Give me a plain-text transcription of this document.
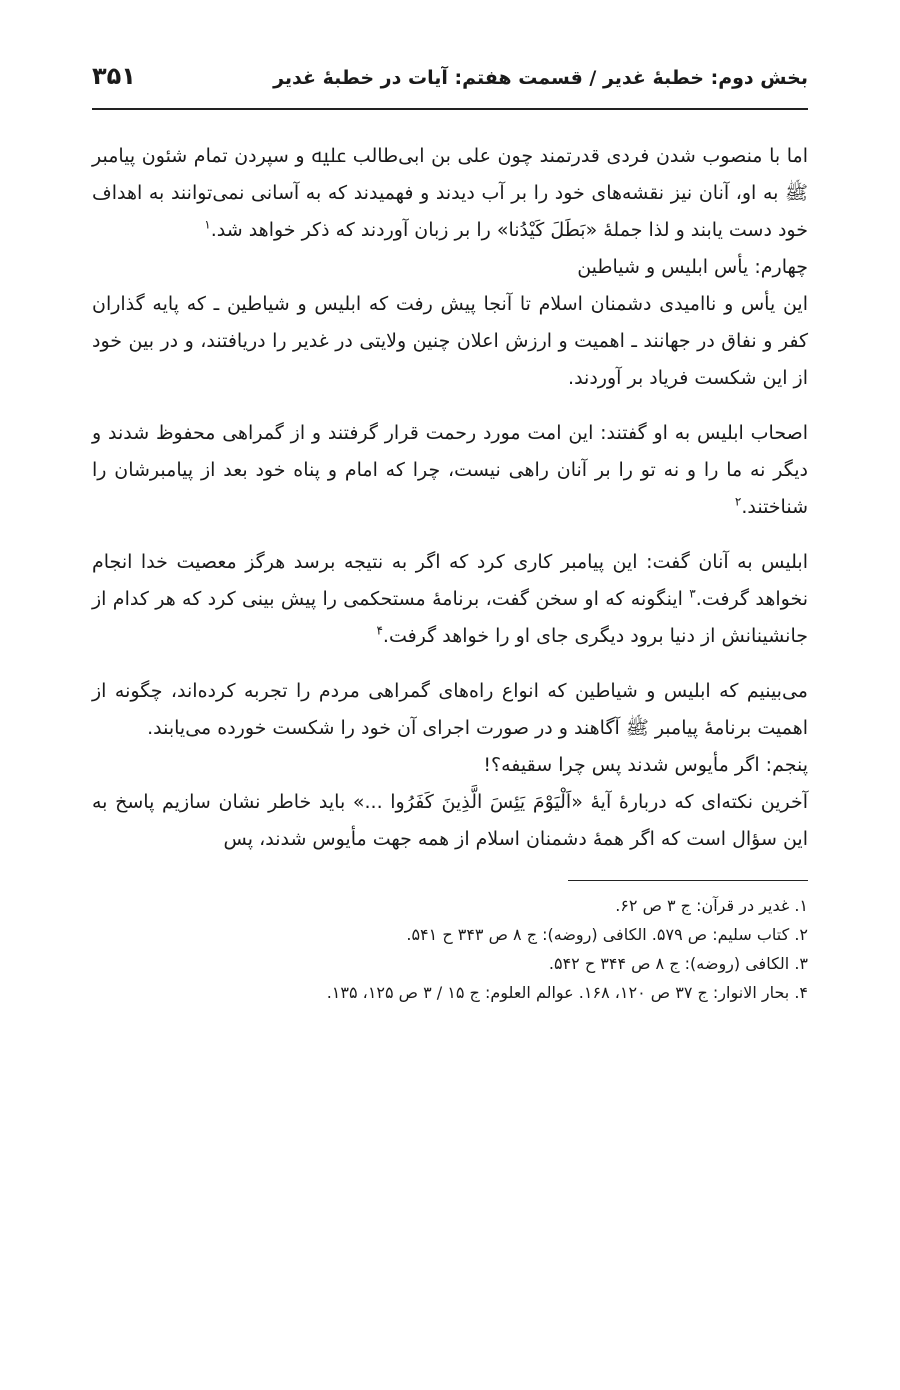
بخش دوم: خطبهٔ غدیر / قسمت هفتم: آیات در خطبهٔ غدیر
۳۵۱

اما با منصوب شدن فردی قدرتمند چون علی بن ابی‌طالب ﷷ و سپردن تمام شئون پیامبر ﷺ به او، آنان نیز نقشه‌های خود را بر آب دیدند و فهمیدند که به آسانی نمی‌توانند به اهداف خود دست یابند و لذا جملهٔ «بَطَلَ کَیْدُنا» را بر زبان آوردند که ذکر خواهد شد.$^۱$

چهارم: یأس ابلیس و شیاطین

این یأس و ناامیدی دشمنان اسلام تا آنجا پیش رفت که ابلیس و شیاطین ـ که پایه گذاران کفر و نفاق در جهانند ـ اهمیت و ارزش اعلان چنین ولایتی در غدیر را دریافتند، و در بین خود از این شکست فریاد بر آوردند.

اصحاب ابلیس به او گفتند: این امت مورد رحمت قرار گرفتند و از گمراهی محفوظ شدند و دیگر نه ما را و نه تو را بر آنان راهی نیست، چرا که امام و پناه خود بعد از پیامبرشان را شناختند.$^۲$

ابلیس به آنان گفت: این پیامبر کاری کرد که اگر به نتیجه برسد هرگز معصیت خدا انجام نخواهد گرفت.$^۳$ اینگونه که او سخن گفت، برنامهٔ مستحکمی را پیش بینی کرد که هر کدام از جانشینانش از دنیا برود دیگری جای او را خواهد گرفت.$^۴$

می‌بینیم که ابلیس و شیاطین که انواع راه‌های گمراهی مردم را تجربه کرده‌اند، چگونه از اهمیت برنامهٔ پیامبر ﷺ آگاهند و در صورت اجرای آن خود را شکست خورده می‌یابند.

پنجم: اگر مأیوس شدند پس چرا سقیفه؟!

آخرین نکته‌ای که دربارهٔ آیهٔ «اَلْیَوْمَ یَئِسَ الَّذِینَ کَفَرُوا ...» باید خاطر نشان سازیم پاسخ به این سؤال است که اگر همهٔ دشمنان اسلام از همه جهت مأیوس شدند، پس

۱. غدیر در قرآن: ج ۳ ص ۶۲.

۲. کتاب سلیم: ص ۵۷۹. الکافی (روضه): ج ۸ ص ۳۴۳ ح ۵۴۱.

۳. الکافی (روضه): ج ۸ ص ۳۴۴ ح ۵۴۲.

۴. بحار الانوار: ج ۳۷ ص ۱۲۰، ۱۶۸. عوالم العلوم: ج ۱۵ / ۳ ص ۱۲۵، ۱۳۵.
